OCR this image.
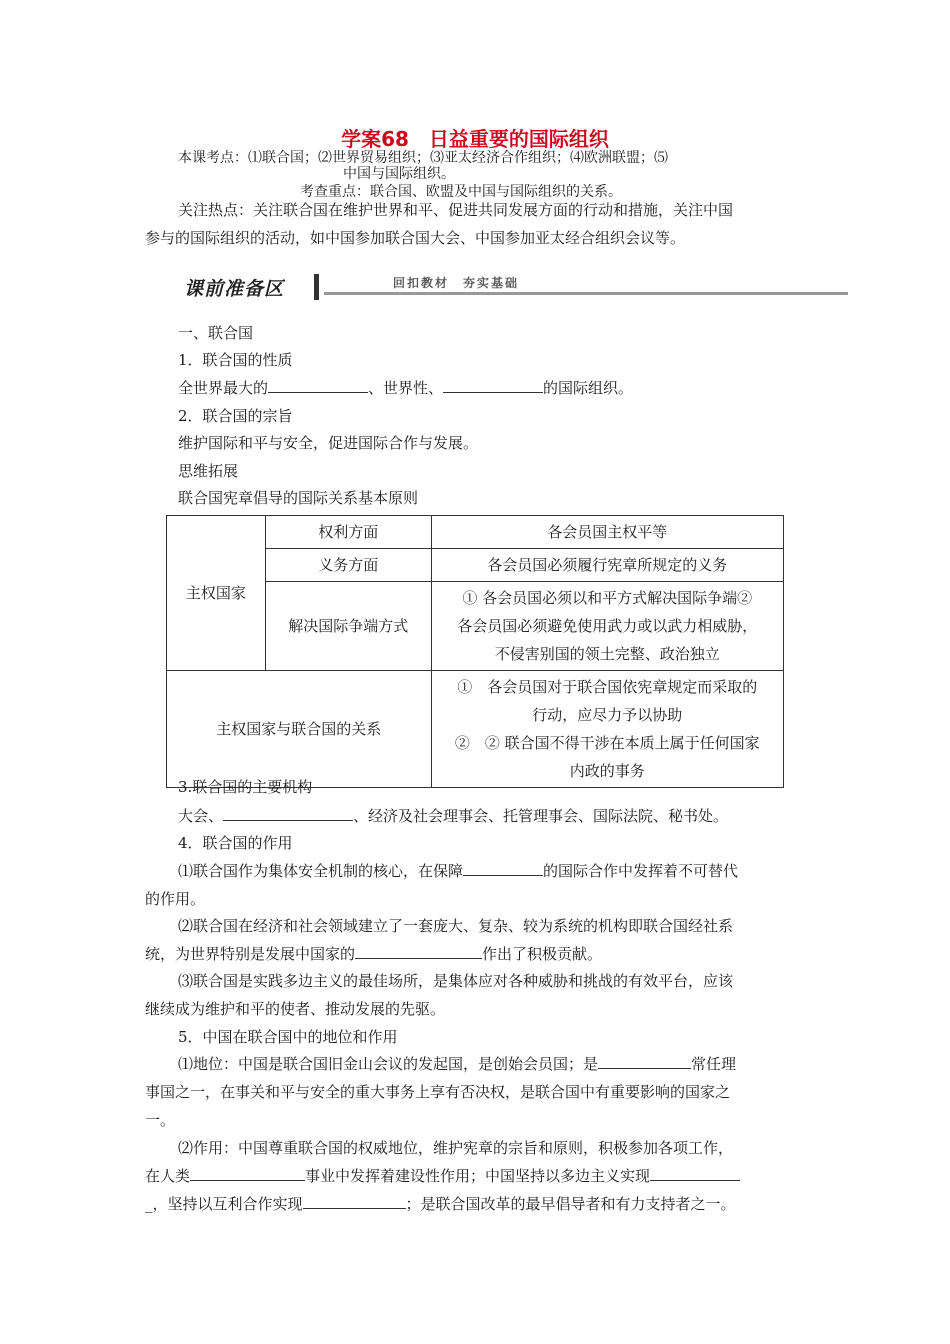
学案68　日益重要的国际组织
本课考点：⑴联合国；⑵世界贸易组织；⑶亚太经济合作组织；⑷欧洲联盟；⑸
中国与国际组织。
考查重点：联合国、欧盟及中国与国际组织的关系。
关注热点：关注联合国在维护世界和平、促进共同发展方面的行动和措施，关注中国
参与的国际组织的活动，如中国参加联合国大会、中国参加亚太经合组织会议等。
课前准备区	回扣教材　夯实基础
一、联合国
1．联合国的性质
全世界最大的	、世界性、	的国际组织。
2．联合国的宗旨
维护国际和平与安全，促进国际合作与发展。
思维拓展
联合国宪章倡导的国际关系基本原则
主权国家	权利方面	各会员国主权平等
	义务方面	各会员国必须履行宪章所规定的义务
	解决国际争端方式	① 各会员国必须以和平方式解决国际争端②
各会员国必须避免使用武力或以武力相威胁，
不侵害别国的领土完整、政治独立

主权国家与联合国的关系		①　各会员国对于联合国依宪章规定而采取的
行动，应尽力予以协助
②　② 联合国不得干涉在本质上属于任何国家
内政的事务
3.联合国的主要机构
大会、	、经济及社会理事会、托管理事会、国际法院、秘书处。
4．联合国的作用
⑴联合国作为集体安全机制的核心，在保障	的国际合作中发挥着不可替代
的作用。
⑵联合国在经济和社会领域建立了一套庞大、复杂、较为系统的机构即联合国经社系
统，为世界特别是发展中国家的	作出了积极贡献。
⑶联合国是实践多边主义的最佳场所，是集体应对各种威胁和挑战的有效平台，应该
继续成为维护和平的使者、推动发展的先驱。
5．中国在联合国中的地位和作用
⑴地位：中国是联合国旧金山会议的发起国，是创始会员国；是	常任理
事国之一，在事关和平与安全的重大事务上享有否决权，是联合国中有重要影响的国家之
一。
⑵作用：中国尊重联合国的权威地位，维护宪章的宗旨和原则，积极参加各项工作，
在人类	事业中发挥着建设性作用；中国坚持以多边主义实现
_，坚持以互利合作实现	；是联合国改革的最早倡导者和有力支持者之一。
